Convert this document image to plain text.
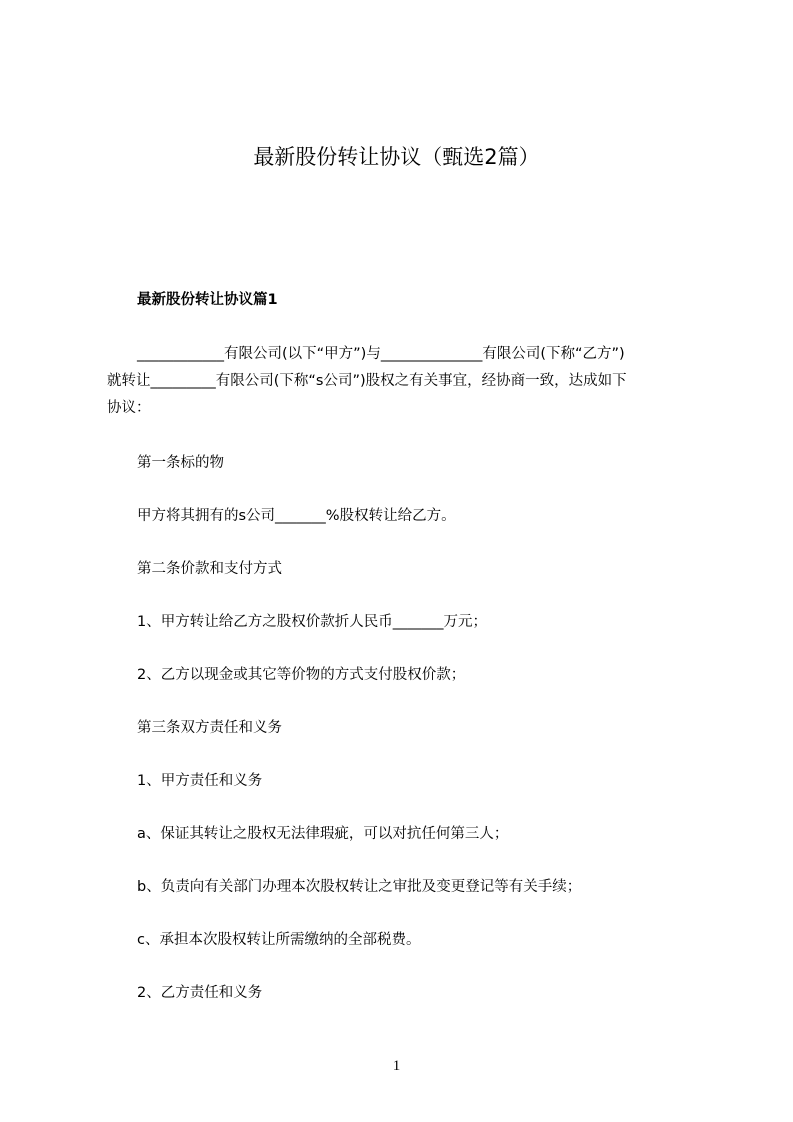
最新股份转让协议（甄选2篇）

最新股份转让协议篇1

____________有限公司(以下“甲方”)与______________有限公司(下称“乙方”)

就转让_________有限公司(下称“s公司”)股权之有关事宜，经协商一致，达成如下

协议：

第一条标的物

甲方将其拥有的s公司_______%股权转让给乙方。

第二条价款和支付方式

1、甲方转让给乙方之股权价款折人民币_______万元；

2、乙方以现金或其它等价物的方式支付股权价款；

第三条双方责任和义务

1、甲方责任和义务

a、保证其转让之股权无法律瑕疵，可以对抗任何第三人；

b、负责向有关部门办理本次股权转让之审批及变更登记等有关手续；

c、承担本次股权转让所需缴纳的全部税费。

2、乙方责任和义务

1
